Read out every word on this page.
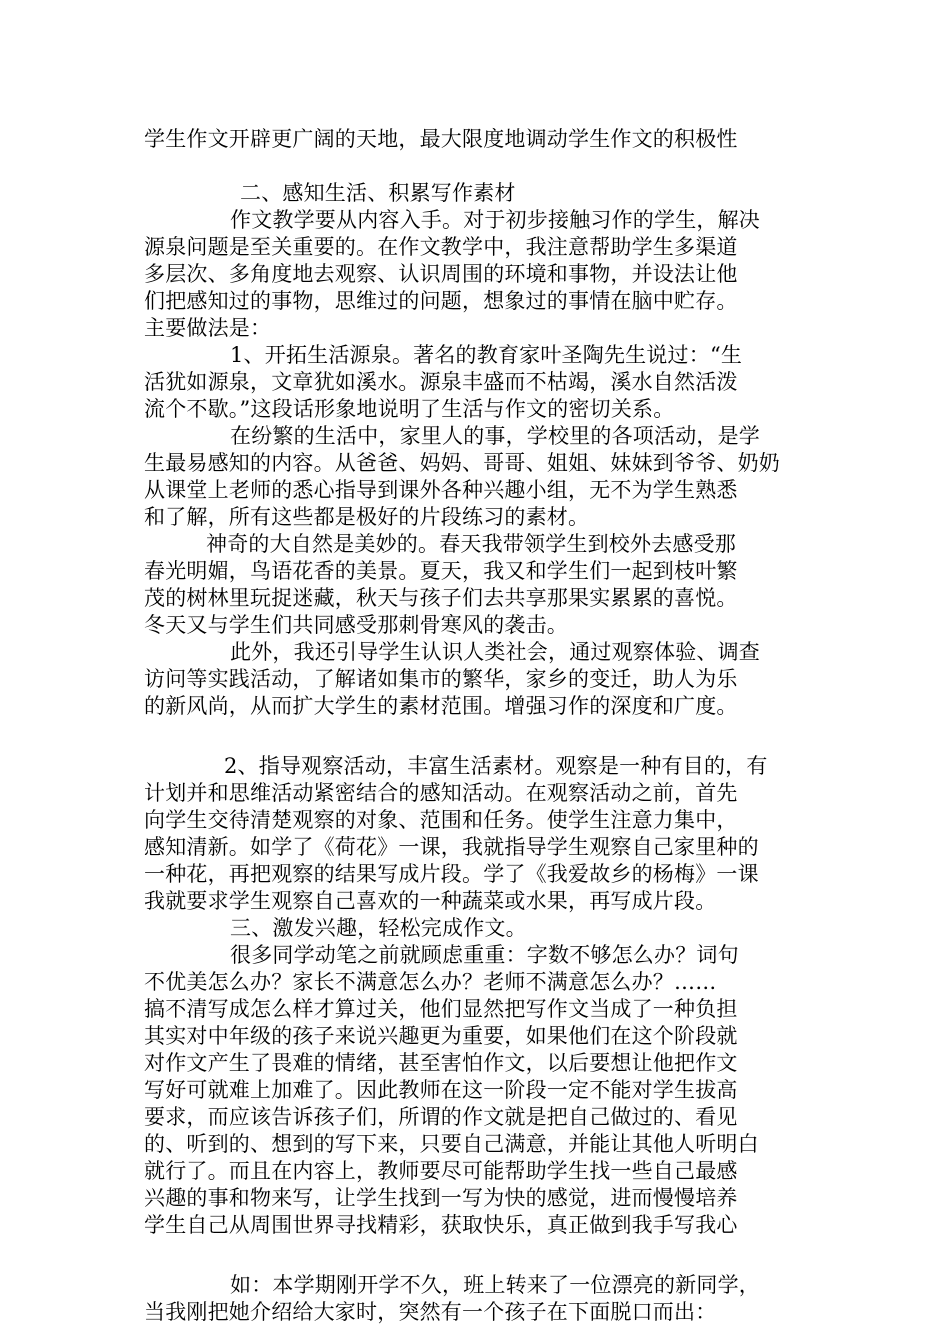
学生作文开辟更广阔的天地，最大限度地调动学生作文的积极性
二、感知生活、积累写作素材
作文教学要从内容入手。对于初步接触习作的学生，解决
源泉问题是至关重要的。在作文教学中，我注意帮助学生多渠道
多层次、多角度地去观察、认识周围的环境和事物，并设法让他
们把感知过的事物，思维过的问题，想象过的事情在脑中贮存。
主要做法是：
1、开拓生活源泉。著名的教育家叶圣陶先生说过：“生
活犹如源泉，文章犹如溪水。源泉丰盛而不枯竭，溪水自然活泼
流个不歇。”这段话形象地说明了生活与作文的密切关系。
在纷繁的生活中，家里人的事，学校里的各项活动，是学
生最易感知的内容。从爸爸、妈妈、哥哥、姐姐、妹妹到爷爷、奶奶
从课堂上老师的悉心指导到课外各种兴趣小组，无不为学生熟悉
和了解，所有这些都是极好的片段练习的素材。
神奇的大自然是美妙的。春天我带领学生到校外去感受那
春光明媚，鸟语花香的美景。夏天，我又和学生们一起到枝叶繁
茂的树林里玩捉迷藏，秋天与孩子们去共享那果实累累的喜悦。
冬天又与学生们共同感受那刺骨寒风的袭击。
此外，我还引导学生认识人类社会，通过观察体验、调查
访问等实践活动，了解诸如集市的繁华，家乡的变迁，助人为乐
的新风尚，从而扩大学生的素材范围。增强习作的深度和广度。
2、指导观察活动，丰富生活素材。观察是一种有目的，有
计划并和思维活动紧密结合的感知活动。在观察活动之前，首先
向学生交待清楚观察的对象、范围和任务。使学生注意力集中，
感知清新。如学了《荷花》一课，我就指导学生观察自己家里种的
一种花，再把观察的结果写成片段。学了《我爱故乡的杨梅》一课
我就要求学生观察自己喜欢的一种蔬菜或水果，再写成片段。
三、激发兴趣，轻松完成作文。
很多同学动笔之前就顾虑重重：字数不够怎么办？词句
不优美怎么办？家长不满意怎么办？老师不满意怎么办？……
搞不清写成怎么样才算过关，他们显然把写作文当成了一种负担
其实对中年级的孩子来说兴趣更为重要，如果他们在这个阶段就
对作文产生了畏难的情绪，甚至害怕作文，以后要想让他把作文
写好可就难上加难了。因此教师在这一阶段一定不能对学生拔高
要求，而应该告诉孩子们，所谓的作文就是把自己做过的、看见
的、听到的、想到的写下来，只要自己满意，并能让其他人听明白
就行了。而且在内容上，教师要尽可能帮助学生找一些自己最感
兴趣的事和物来写，让学生找到一写为快的感觉，进而慢慢培养
学生自己从周围世界寻找精彩，获取快乐，真正做到我手写我心
如：本学期刚开学不久，班上转来了一位漂亮的新同学，
当我刚把她介绍给大家时，突然有一个孩子在下面脱口而出：
